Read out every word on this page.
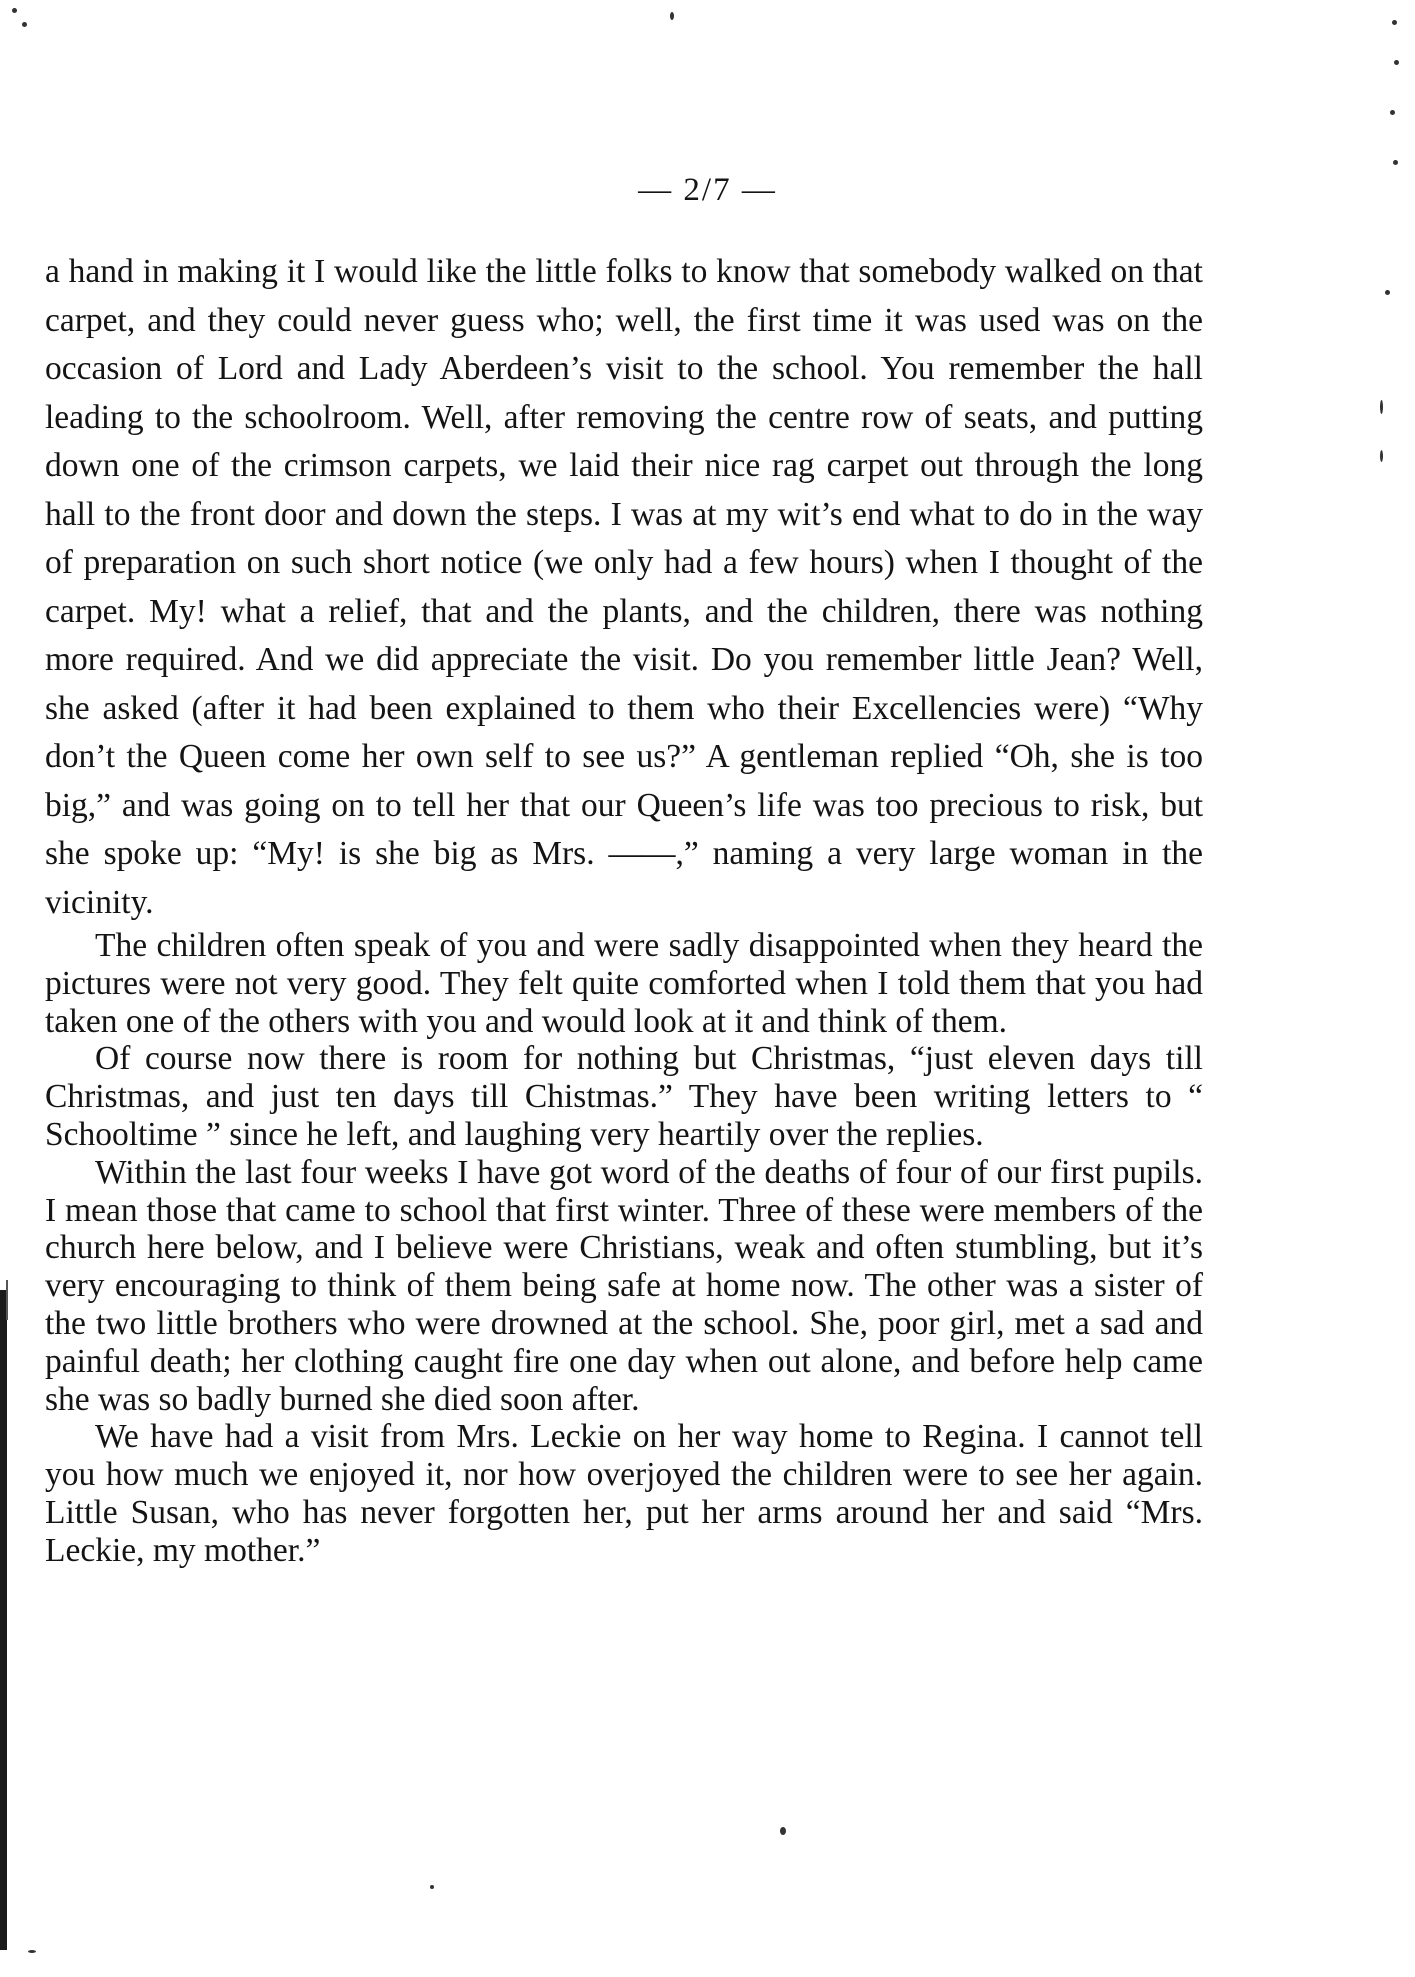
— 2/7 —

a hand in making it I would like the little folks to know that somebody walked on that carpet, and they could never guess who; well, the first time it was used was on the occasion of Lord and Lady Aberdeen’s visit to the school. You remember the hall leading to the schoolroom. Well, after removing the centre row of seats, and putting down one of the crimson carpets, we laid their nice rag carpet out through the long hall to the front door and down the steps. I was at my wit’s end what to do in the way of preparation on such short notice (we only had a few hours) when I thought of the carpet. My! what a relief, that and the plants, and the children, there was nothing more required. And we did appreciate the visit. Do you remember little Jean? Well, she asked (after it had been explained to them who their Excellencies were) “Why don’t the Queen come her own self to see us?” A gentleman replied “Oh, she is too big,” and was going on to tell her that our Queen’s life was too precious to risk, but she spoke up: “My! is she big as Mrs. ——,” naming a very large woman in the vicinity.

The children often speak of you and were sadly disappointed when they heard the pictures were not very good. They felt quite comforted when I told them that you had taken one of the others with you and would look at it and think of them.

Of course now there is room for nothing but Christmas, “just eleven days till Christmas, and just ten days till Chistmas.” They have been writing letters to “ Schooltime ” since he left, and laughing very heartily over the replies.

Within the last four weeks I have got word of the deaths of four of our first pupils. I mean those that came to school that first winter. Three of these were members of the church here below, and I believe were Christians, weak and often stumbling, but it’s very encouraging to think of them being safe at home now. The other was a sister of the two little brothers who were drowned at the school. She, poor girl, met a sad and painful death; her clothing caught fire one day when out alone, and before help came she was so badly burned she died soon after.

We have had a visit from Mrs. Leckie on her way home to Regina. I cannot tell you how much we enjoyed it, nor how overjoyed the children were to see her again. Little Susan, who has never forgotten her, put her arms around her and said “Mrs. Leckie, my mother.”
